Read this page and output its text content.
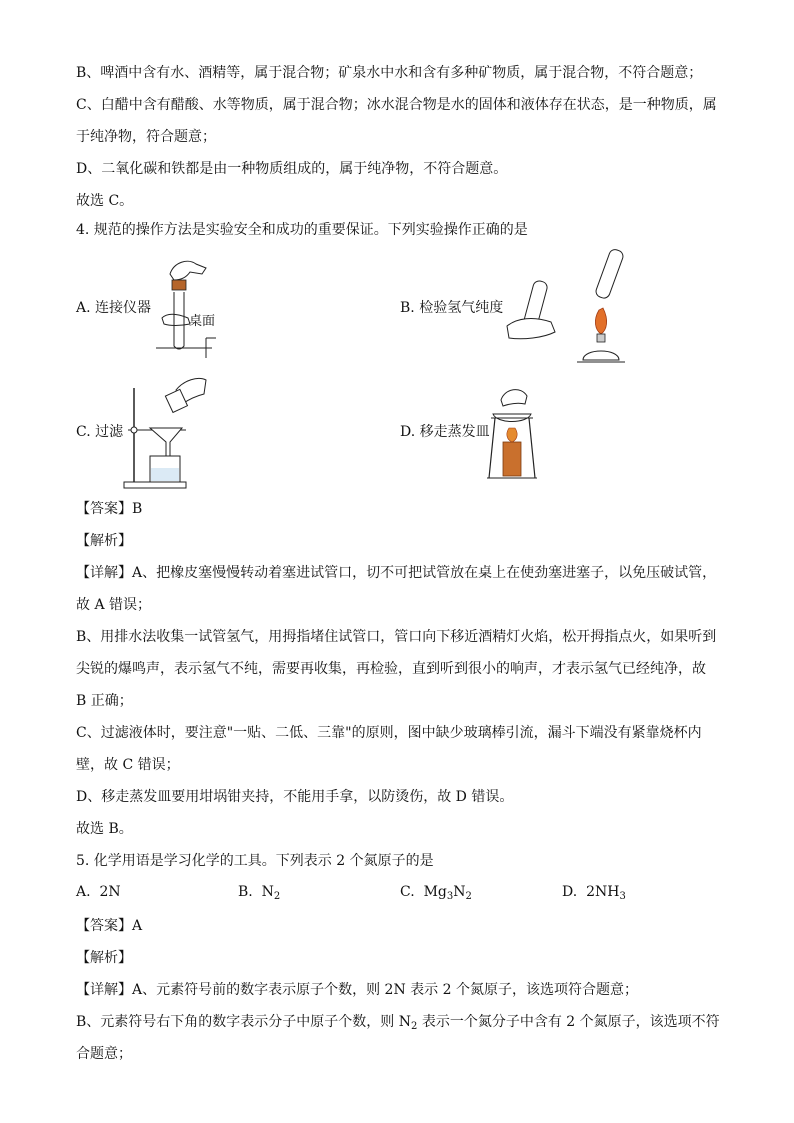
B、啤酒中含有水、酒精等，属于混合物；矿泉水中水和含有多种矿物质，属于混合物，不符合题意；
C、白醋中含有醋酸、水等物质，属于混合物；冰水混合物是水的固体和液体存在状态，是一种物质，属
于纯净物，符合题意；
D、二氧化碳和铁都是由一种物质组成的，属于纯净物，不符合题意。
故选 C。
4. 规范的操作方法是实验安全和成功的重要保证。下列实验操作正确的是
A. 连接仪器
桌面
B. 检验氢气纯度
C. 过滤	D. 移走蒸发皿
【答案】B
【解析】
【详解】A、把橡皮塞慢慢转动着塞进试管口，切不可把试管放在桌上在使劲塞进塞子，以免压破试管，
故 A 错误；
B、用排水法收集一试管氢气，用拇指堵住试管口，管口向下移近酒精灯火焰，松开拇指点火，如果听到
尖锐的爆鸣声，表示氢气不纯，需要再收集，再检验，直到听到很小的响声，才表示氢气已经纯净，故
B 正确；
C、过滤液体时，要注意"一贴、二低、三靠"的原则，图中缺少玻璃棒引流，漏斗下端没有紧靠烧杯内
壁，故 C 错误；
D、移走蒸发皿要用坩埚钳夹持，不能用手拿，以防烫伤，故 D 错误。
故选 B。
5. 化学用语是学习化学的工具。下列表示 2 个氮原子的是
A. 2N	B. $N_2$	C. $Mg_3N_2$	D. $2NH_3$
【答案】A
【解析】
【详解】A、元素符号前的数字表示原子个数，则 2N 表示 2 个氮原子，该选项符合题意；
B、元素符号右下角的数字表示分子中原子个数，则 $N_2$ 表示一个氮分子中含有 2 个氮原子，该选项不符
合题意；
